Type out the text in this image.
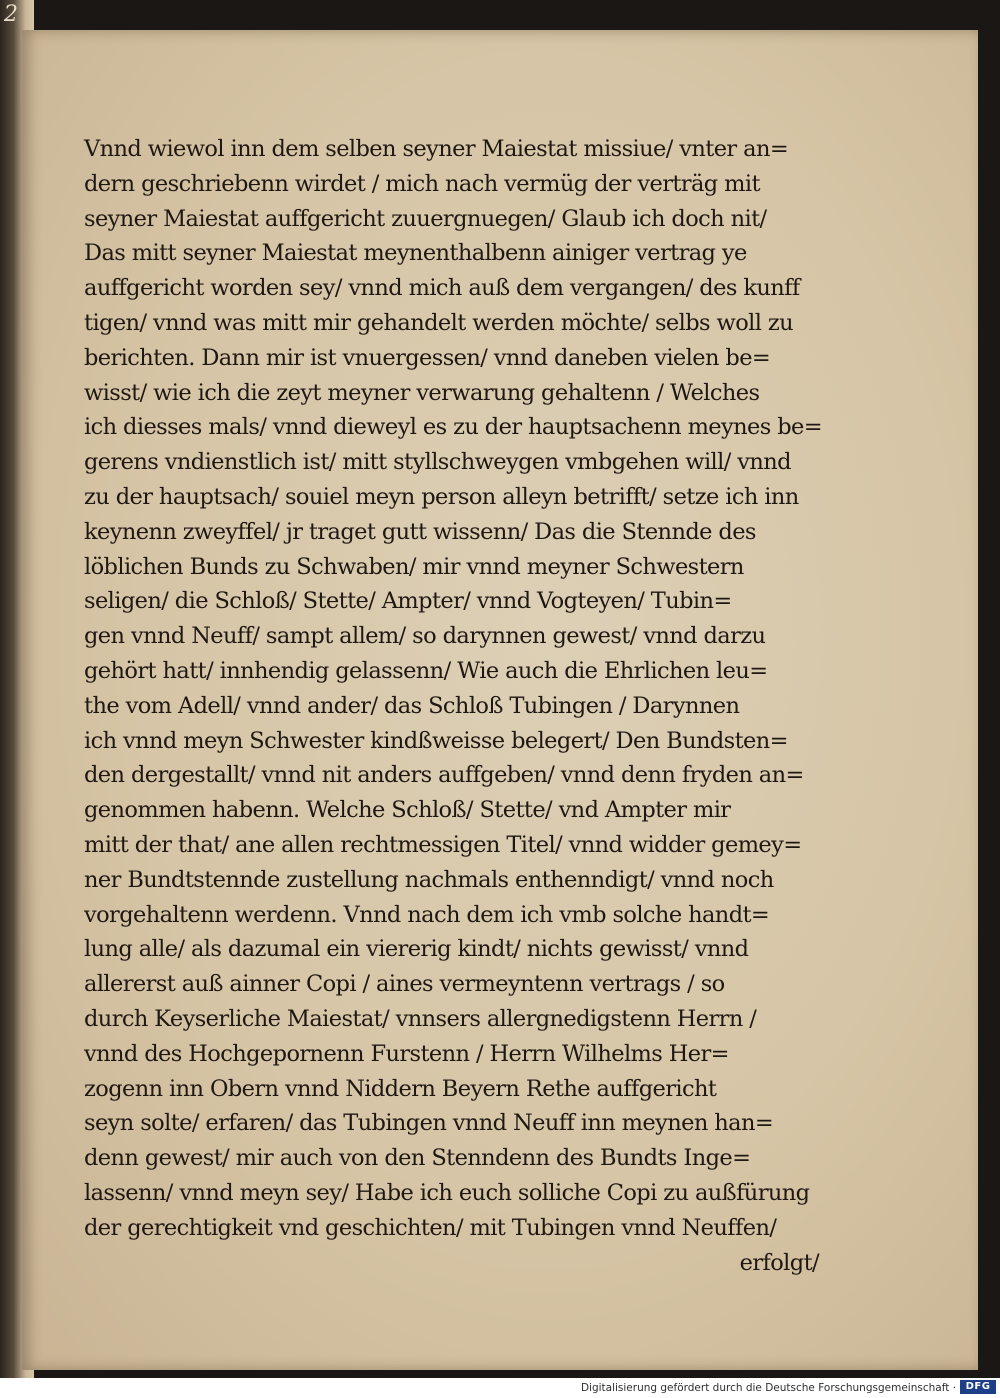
2
Vnnd wiewol inn dem selben seyner Maiestat missiue/ vnter an=
dern geschriebenn wirdet / mich nach vermüg der verträg mit
seyner Maiestat auffgericht zuuergnuegen/ Glaub ich doch nit/
Das mitt seyner Maiestat meynenthalbenn ainiger vertrag ye
auffgericht worden sey/ vnnd mich auß dem vergangen/ des kunff
tigen/ vnnd was mitt mir gehandelt werden möchte/ selbs woll zu
berichten. Dann mir ist vnuergessen/ vnnd daneben vielen be=
wisst/ wie ich die zeyt meyner verwarung gehaltenn / Welches
ich diesses mals/ vnnd dieweyl es zu der hauptsachenn meynes be=
gerens vndienstlich ist/ mitt styllschweygen vmbgehen will/ vnnd
zu der hauptsach/ souiel meyn person alleyn betrifft/ setze ich inn
keynenn zweyffel/ jr traget gutt wissenn/ Das die Stennde des
löblichen Bunds zu Schwaben/ mir vnnd meyner Schwestern
seligen/ die Schloß/ Stette/ Ampter/ vnnd Vogteyen/ Tubin=
gen vnnd Neuff/ sampt allem/ so darynnen gewest/ vnnd darzu
gehört hatt/ innhendig gelassenn/ Wie auch die Ehrlichen leu=
the vom Adell/ vnnd ander/ das Schloß Tubingen / Darynnen
ich vnnd meyn Schwester kindßweisse belegert/ Den Bundsten=
den dergestallt/ vnnd nit anders auffgeben/ vnnd denn fryden an=
genommen habenn. Welche Schloß/ Stette/ vnd Ampter mir
mitt der that/ ane allen rechtmessigen Titel/ vnnd widder gemey=
ner Bundtstennde zustellung nachmals enthenndigt/ vnnd noch
vorgehaltenn werdenn. Vnnd nach dem ich vmb solche handt=
lung alle/ als dazumal ein viererig kindt/ nichts gewisst/ vnnd
allererst auß ainner Copi / aines vermeyntenn vertrags / so
durch Keyserliche Maiestat/ vnnsers allergnedigstenn Herrn /
vnnd des Hochgepornenn Furstenn / Herrn Wilhelms Her=
zogenn inn Obern vnnd Niddern Beyern Rethe auffgericht
seyn solte/ erfaren/ das Tubingen vnnd Neuff inn meynen han=
denn gewest/ mir auch von den Stenndenn des Bundts Inge=
lassenn/ vnnd meyn sey/ Habe ich euch solliche Copi zu außfürung
der gerechtigkeit vnd geschichten/ mit Tubingen vnnd Neuffen/
erfolgt/
Digitalisierung gefördert durch die Deutsche Forschungsgemeinschaft · DFG
